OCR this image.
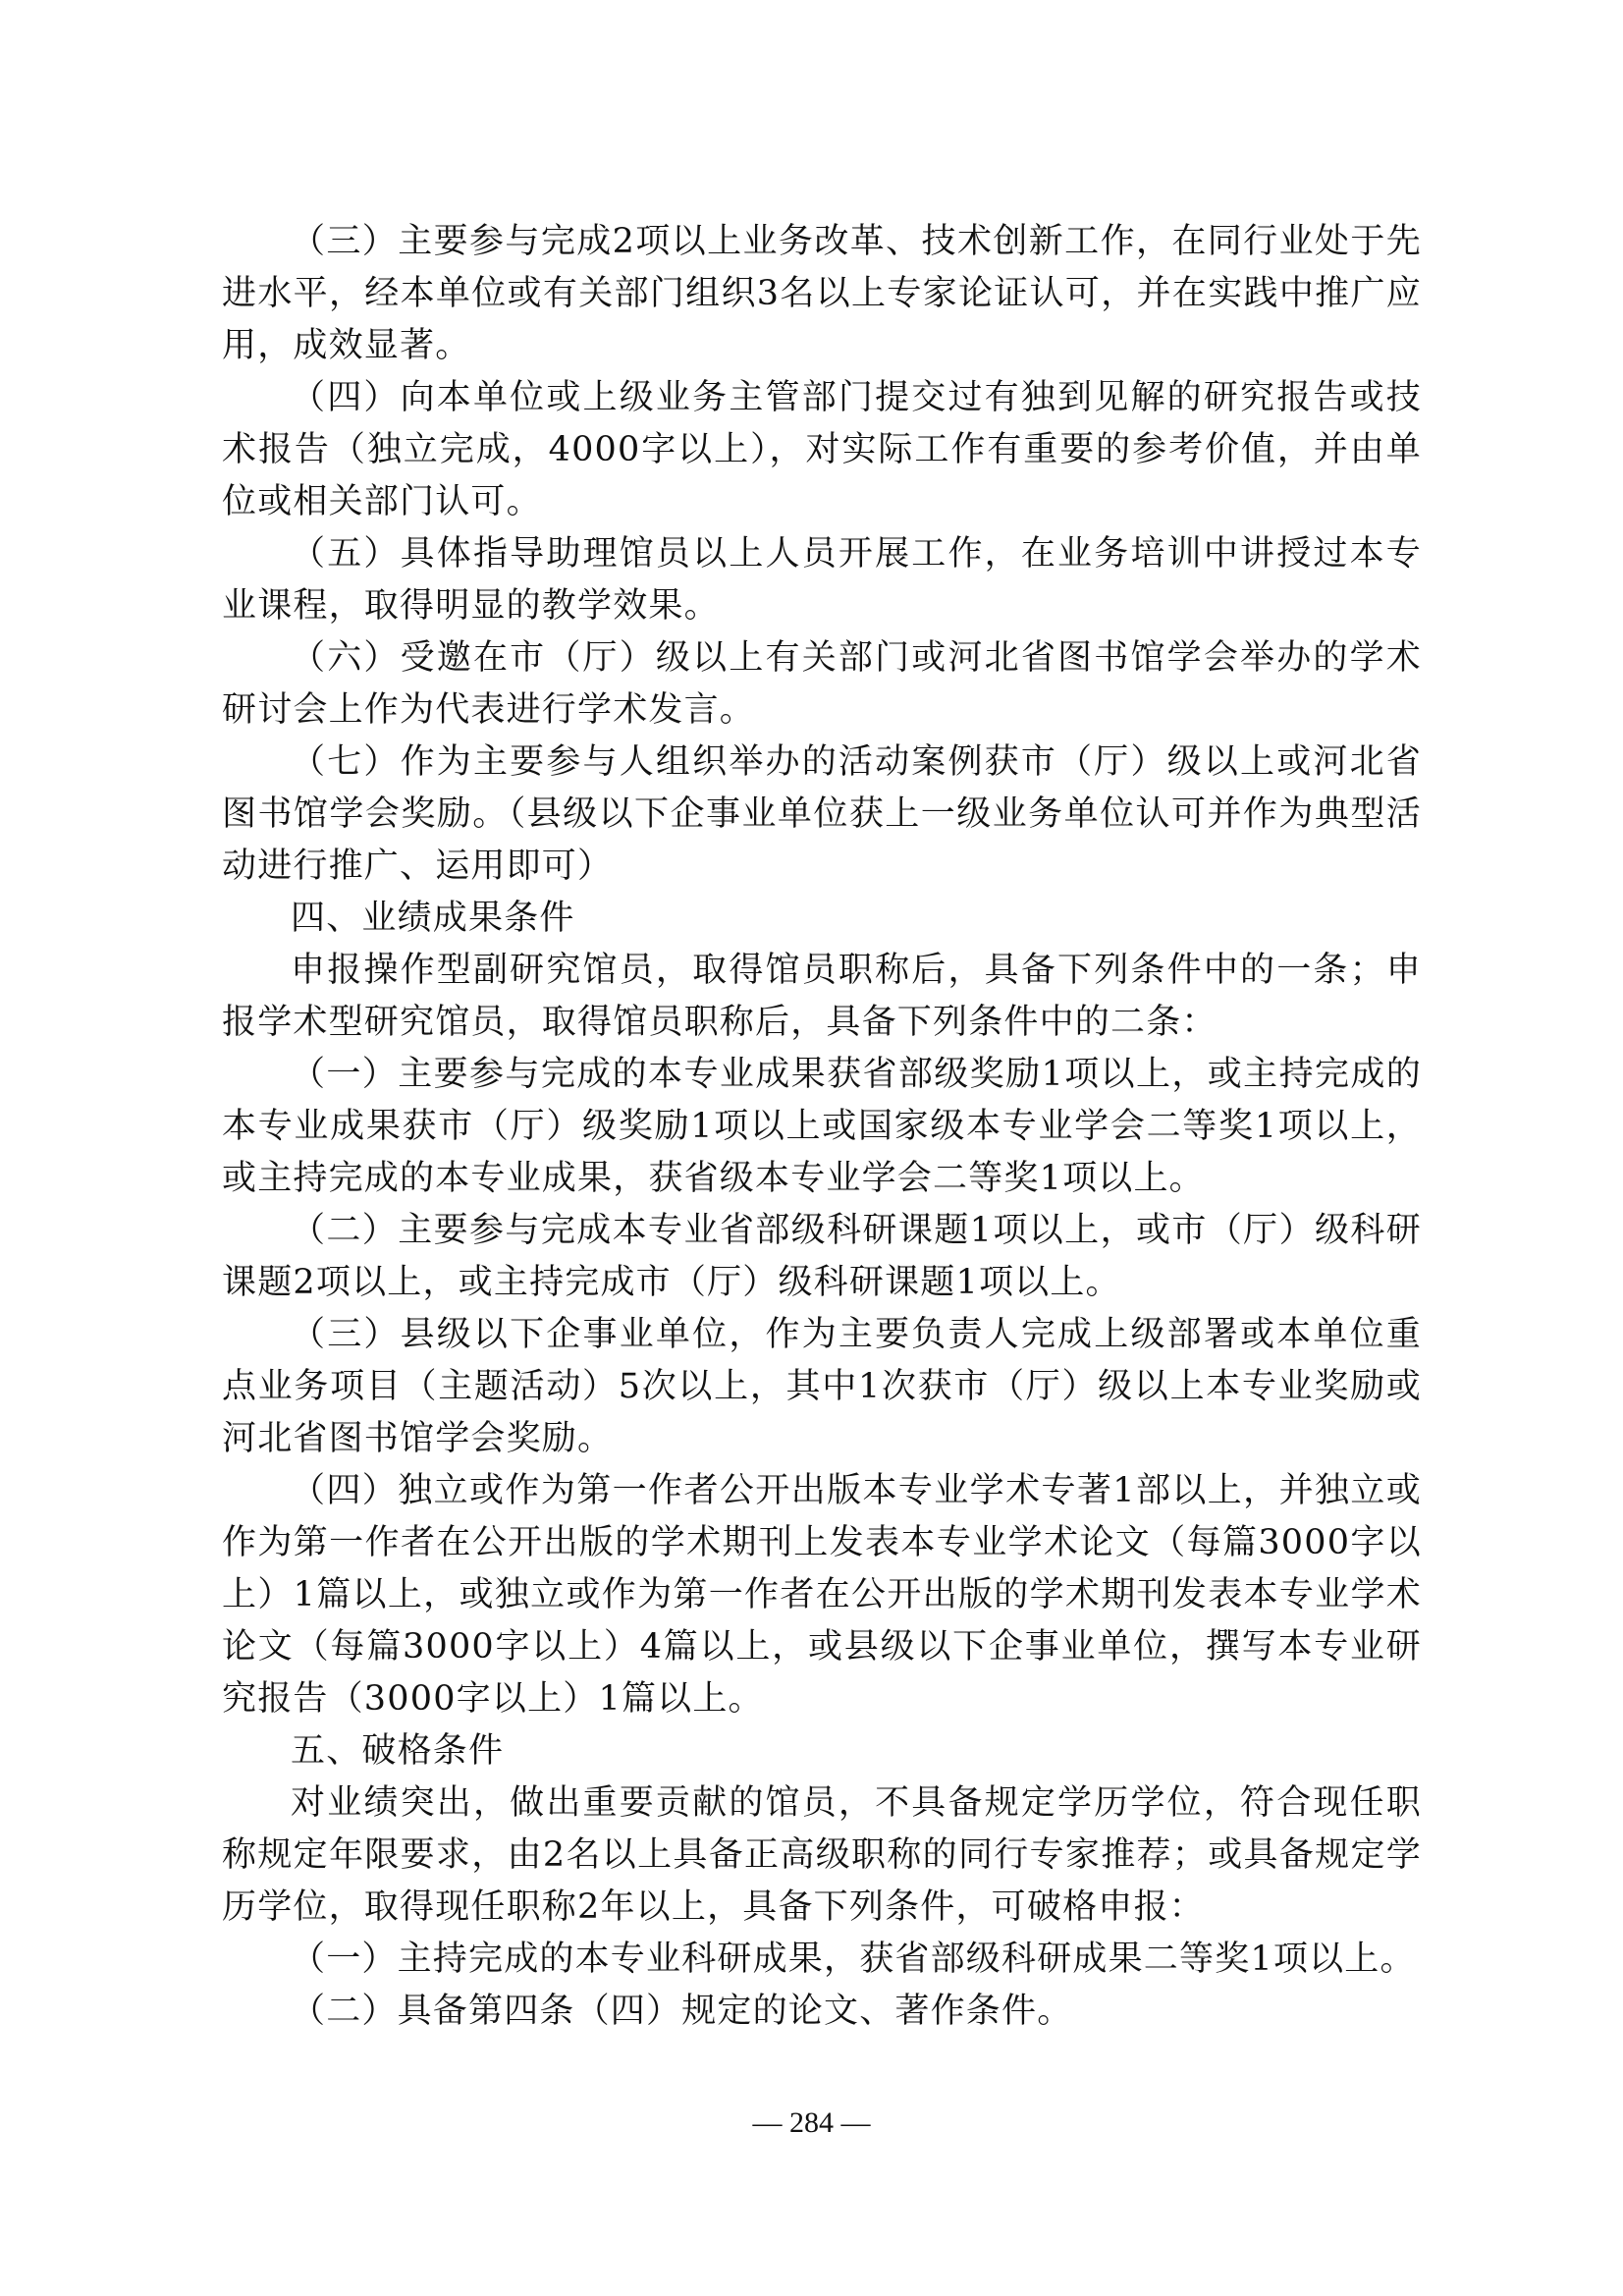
（三）主要参与完成2项以上业务改革、技术创新工作，在同行业处于先进水平，经本单位或有关部门组织3名以上专家论证认可，并在实践中推广应用，成效显著。

（四）向本单位或上级业务主管部门提交过有独到见解的研究报告或技术报告（独立完成，4000字以上），对实际工作有重要的参考价值，并由单位或相关部门认可。

（五）具体指导助理馆员以上人员开展工作，在业务培训中讲授过本专业课程，取得明显的教学效果。

（六）受邀在市（厅）级以上有关部门或河北省图书馆学会举办的学术研讨会上作为代表进行学术发言。

（七）作为主要参与人组织举办的活动案例获市（厅）级以上或河北省图书馆学会奖励。（县级以下企事业单位获上一级业务单位认可并作为典型活动进行推广、运用即可）

四、业绩成果条件

申报操作型副研究馆员，取得馆员职称后，具备下列条件中的一条；申报学术型研究馆员，取得馆员职称后，具备下列条件中的二条：

（一）主要参与完成的本专业成果获省部级奖励1项以上，或主持完成的本专业成果获市（厅）级奖励1项以上或国家级本专业学会二等奖1项以上，或主持完成的本专业成果，获省级本专业学会二等奖1项以上。

（二）主要参与完成本专业省部级科研课题1项以上，或市（厅）级科研课题2项以上，或主持完成市（厅）级科研课题1项以上。

（三）县级以下企事业单位，作为主要负责人完成上级部署或本单位重点业务项目（主题活动）5次以上，其中1次获市（厅）级以上本专业奖励或河北省图书馆学会奖励。

（四）独立或作为第一作者公开出版本专业学术专著1部以上，并独立或作为第一作者在公开出版的学术期刊上发表本专业学术论文（每篇3000字以上）1篇以上，或独立或作为第一作者在公开出版的学术期刊发表本专业学术论文（每篇3000字以上）4篇以上，或县级以下企事业单位，撰写本专业研究报告（3000字以上）1篇以上。

五、破格条件

对业绩突出，做出重要贡献的馆员，不具备规定学历学位，符合现任职称规定年限要求，由2名以上具备正高级职称的同行专家推荐；或具备规定学历学位，取得现任职称2年以上，具备下列条件，可破格申报：

（一）主持完成的本专业科研成果，获省部级科研成果二等奖1项以上。

（二）具备第四条（四）规定的论文、著作条件。

— 284 —
